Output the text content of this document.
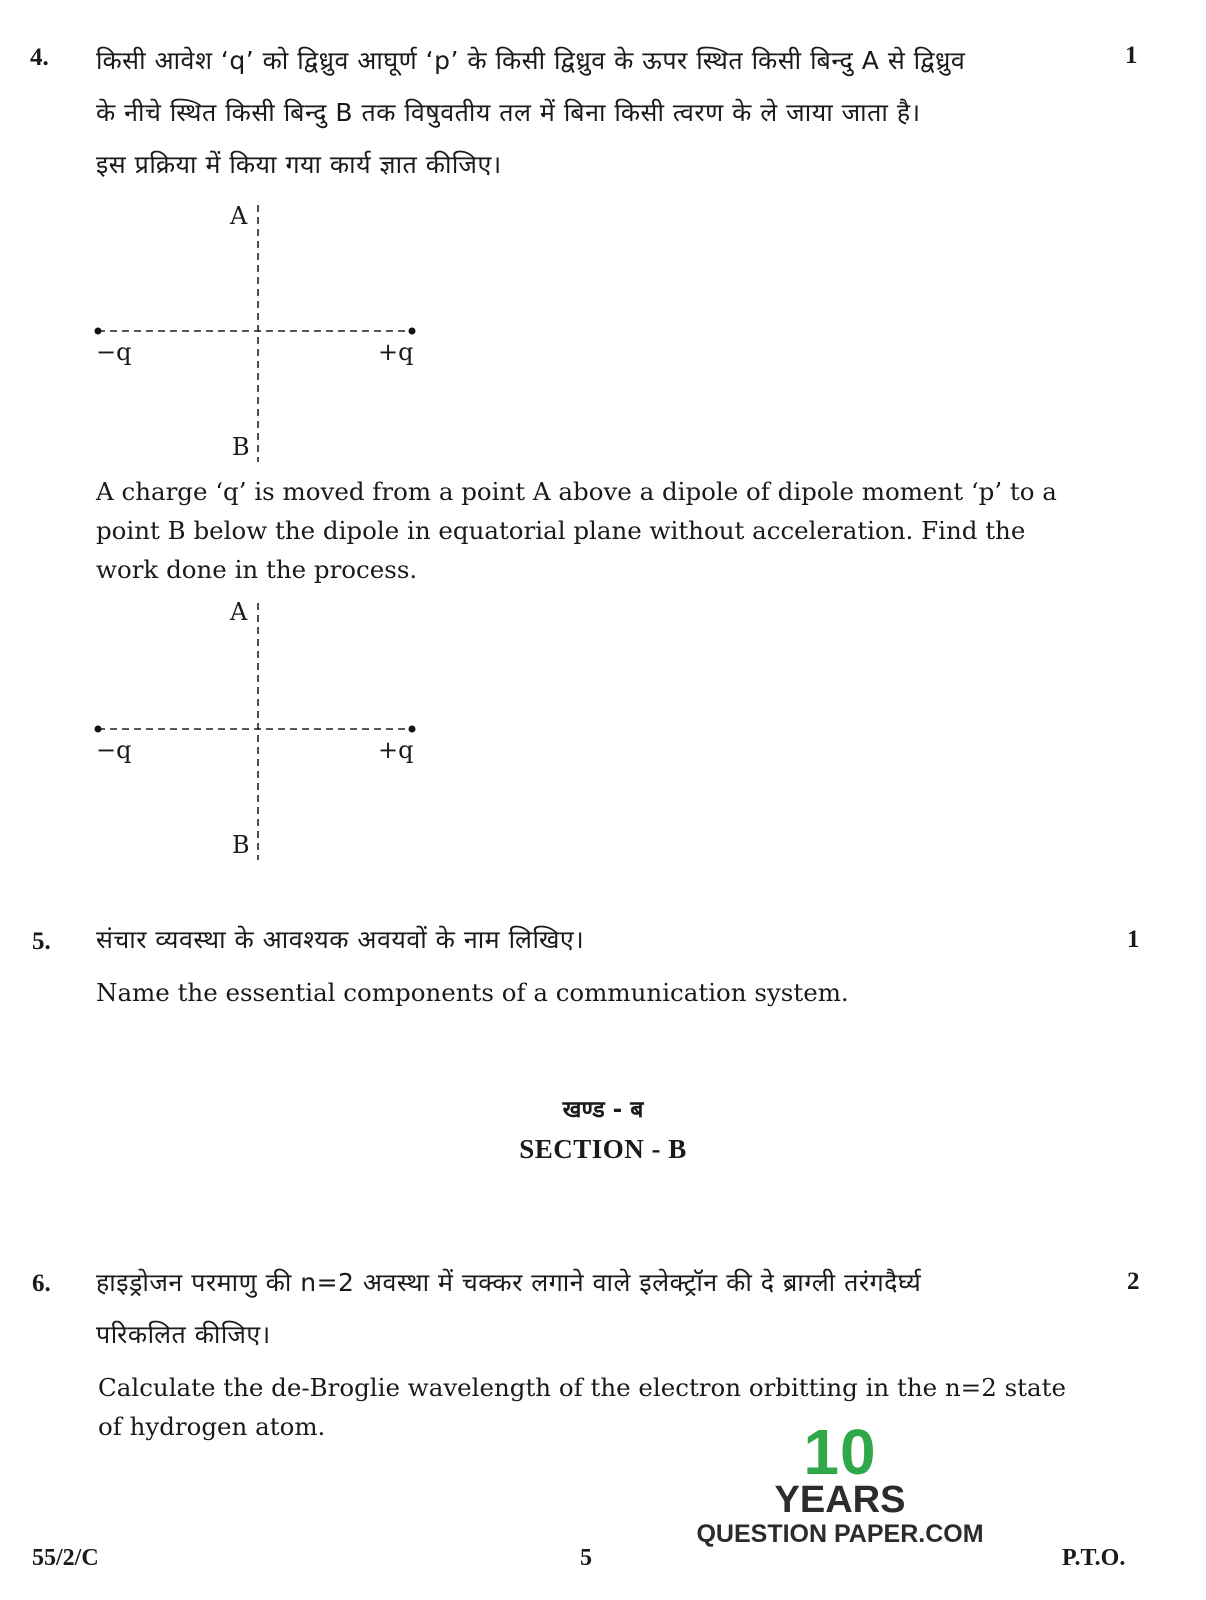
4.	1
किसी आवेश ‘q’ को द्विध्रुव आघूर्ण ‘p’ के किसी द्विध्रुव के ऊपर स्थित किसी बिन्दु A से द्विध्रुव
के नीचे स्थित किसी बिन्दु B तक विषुवतीय तल में बिना किसी त्वरण के ले जाया जाता है।
इस प्रक्रिया में किया गया कार्य ज्ञात कीजिए।
A
B
−q	+q
A charge ‘q’ is moved from a point A above a dipole of dipole moment ‘p’ to a
point B below the dipole in equatorial plane without acceleration. Find the
work done in the process.
A
B
−q	+q
5.	1
संचार व्यवस्था के आवश्यक अवयवों के नाम लिखिए।
Name the essential components of a communication system.
खण्ड - ब
SECTION - B
6.	2
हाइड्रोजन परमाणु की n=2 अवस्था में चक्कर लगाने वाले इलेक्ट्रॉन की दे ब्राग्ली तरंगदैर्घ्य
परिकलित कीजिए।
Calculate the de-Broglie wavelength of the electron orbitting in the n=2 state
of hydrogen atom.	10
YEARS
QUESTION PAPER.COM
55/2/C	5	P.T.O.
